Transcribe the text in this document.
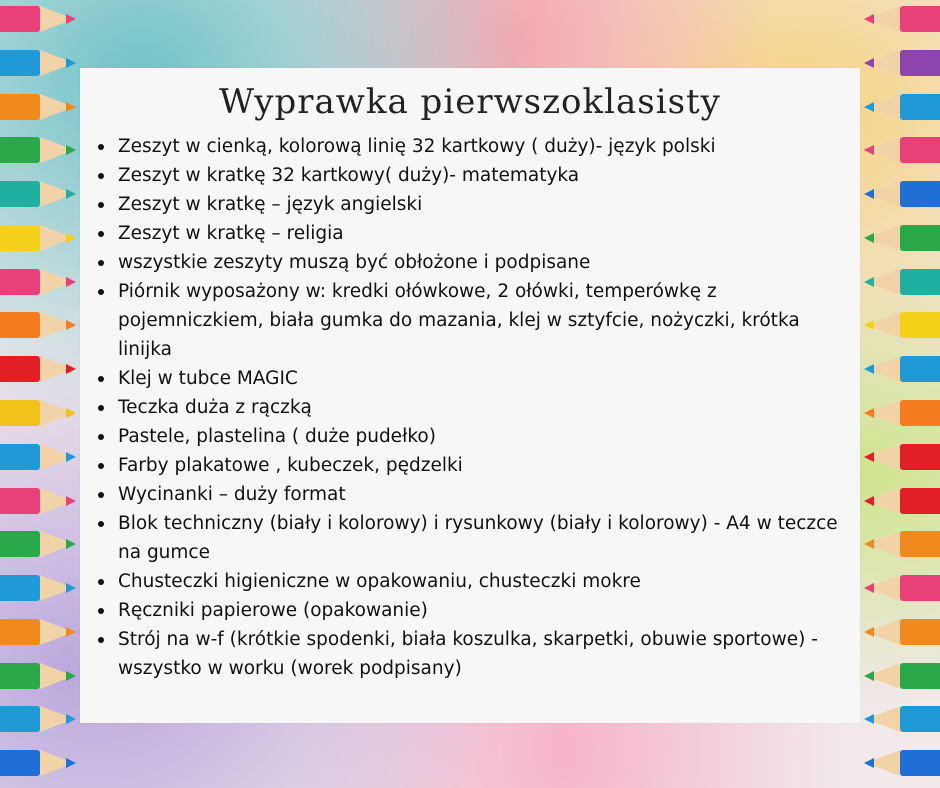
Wyprawka pierwszoklasisty
Zeszyt w cienką, kolorową linię 32 kartkowy ( duży)- język polski
Zeszyt w kratkę 32 kartkowy( duży)- matematyka
Zeszyt w kratkę – język angielski
Zeszyt w kratkę – religia
wszystkie zeszyty muszą być obłożone i podpisane
Piórnik wyposażony w: kredki ołówkowe, 2 ołówki, temperówkę z pojemniczkiem, biała gumka do mazania, klej w sztyfcie, nożyczki, krótka linijka
Klej w tubce MAGIC
Teczka duża z rączką
Pastele, plastelina ( duże pudełko)
Farby plakatowe , kubeczek, pędzelki
Wycinanki – duży format
Blok techniczny (biały i kolorowy) i rysunkowy (biały i kolorowy) - A4 w teczce na gumce
Chusteczki higieniczne w opakowaniu, chusteczki mokre
Ręczniki papierowe (opakowanie)
Strój na w-f (krótkie spodenki, biała koszulka, skarpetki, obuwie sportowe) - wszystko w worku (worek podpisany)
